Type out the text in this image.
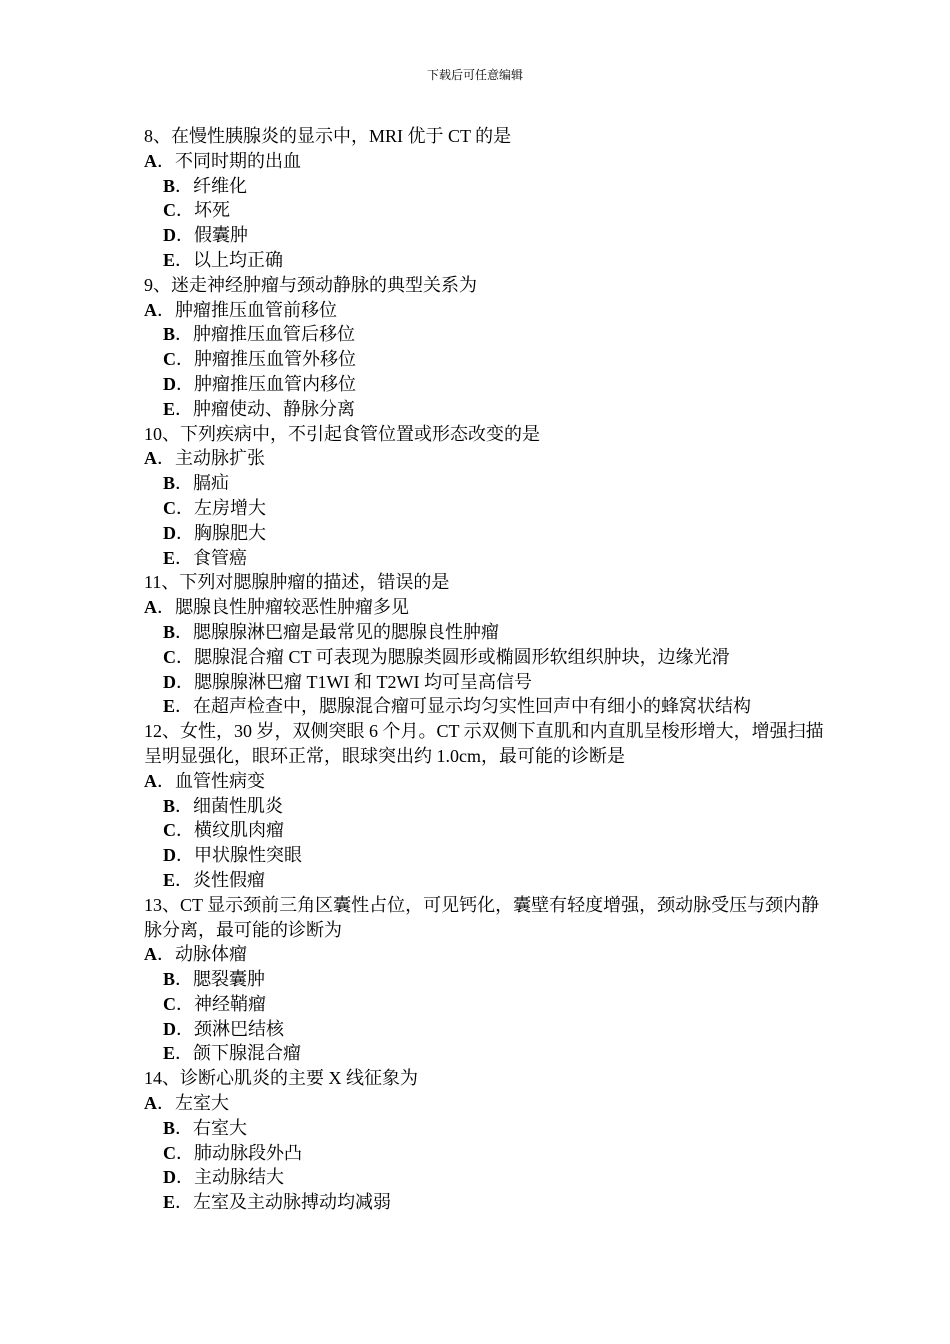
下载后可任意编辑
8、在慢性胰腺炎的显示中，MRI 优于 CT 的是
A．不同时期的出血
B．纤维化
C．坏死
D．假囊肿
E．以上均正确
9、迷走神经肿瘤与颈动静脉的典型关系为
A．肿瘤推压血管前移位
B．肿瘤推压血管后移位
C．肿瘤推压血管外移位
D．肿瘤推压血管内移位
E．肿瘤使动、静脉分离
10、下列疾病中，不引起食管位置或形态改变的是
A．主动脉扩张
B．膈疝
C．左房增大
D．胸腺肥大
E．食管癌
11、下列对腮腺肿瘤的描述，错误的是
A．腮腺良性肿瘤较恶性肿瘤多见
B．腮腺腺淋巴瘤是最常见的腮腺良性肿瘤
C．腮腺混合瘤 CT 可表现为腮腺类圆形或椭圆形软组织肿块，边缘光滑
D．腮腺腺淋巴瘤 T1WI 和 T2WI 均可呈高信号
E．在超声检查中，腮腺混合瘤可显示均匀实性回声中有细小的蜂窝状结构
12、女性，30 岁，双侧突眼 6 个月。CT 示双侧下直肌和内直肌呈梭形增大，增强扫描呈明显强化，眼环正常，眼球突出约 1.0cm，最可能的诊断是
A．血管性病变
B．细菌性肌炎
C．横纹肌肉瘤
D．甲状腺性突眼
E．炎性假瘤
13、CT 显示颈前三角区囊性占位，可见钙化，囊壁有轻度增强，颈动脉受压与颈内静脉分离，最可能的诊断为
A．动脉体瘤
B．腮裂囊肿
C．神经鞘瘤
D．颈淋巴结核
E．颌下腺混合瘤
14、诊断心肌炎的主要 X 线征象为
A．左室大
B．右室大
C．肺动脉段外凸
D．主动脉结大
E．左室及主动脉搏动均减弱
